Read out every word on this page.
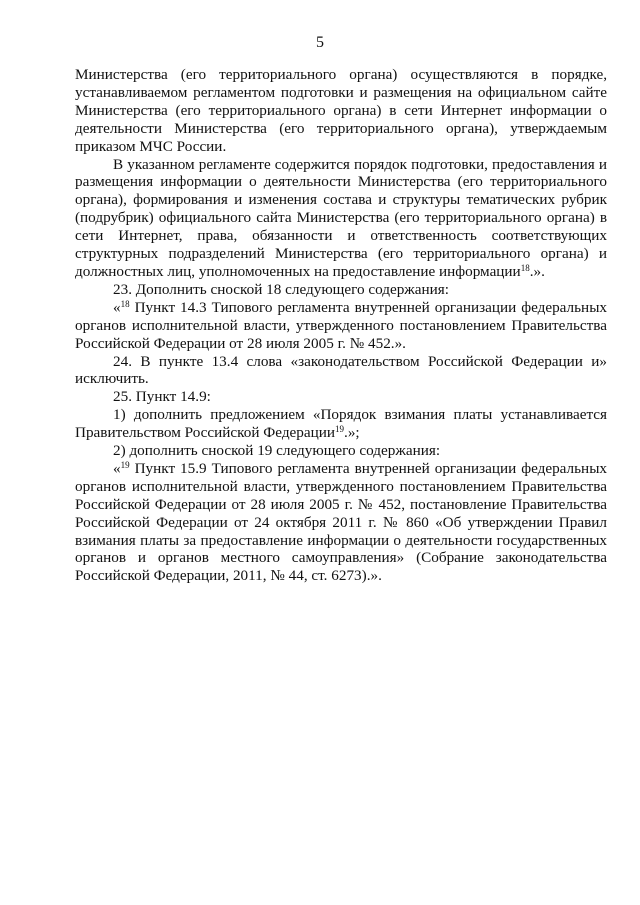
5

Министерства (его территориального органа) осуществляются в порядке, устанавливаемом регламентом подготовки и размещения на официальном сайте Министерства (его территориального органа) в сети Интернет информации о деятельности Министерства (его территориального органа), утверждаемым приказом МЧС России.

В указанном регламенте содержится порядок подготовки, предоставления и размещения информации о деятельности Министерства (его территориального органа), формирования и изменения состава и структуры тематических рубрик (подрубрик) официального сайта Министерства (его территориального органа) в сети Интернет, права, обязанности и ответственность соответствующих структурных подразделений Министерства (его территориального органа) и должностных лиц, уполномоченных на предоставление информации$^{18}$.».

23. Дополнить сноской 18 следующего содержания:

«$^{18}$ Пункт 14.3 Типового регламента внутренней организации федеральных органов исполнительной власти, утвержденного постановлением Правительства Российской Федерации от 28 июля 2005 г. № 452.».

24. В пункте 13.4 слова «законодательством Российской Федерации и» исключить.

25. Пункт 14.9:

1) дополнить предложением «Порядок взимания платы устанавливается Правительством Российской Федерации$^{19}$.»;

2) дополнить сноской 19 следующего содержания:

«$^{19}$ Пункт 15.9 Типового регламента внутренней организации федеральных органов исполнительной власти, утвержденного постановлением Правительства Российской Федерации от 28 июля 2005 г. № 452, постановление Правительства Российской Федерации от 24 октября 2011 г. № 860 «Об утверждении Правил взимания платы за предоставление информации о деятельности государственных органов и органов местного самоуправления» (Собрание законодательства Российской Федерации, 2011, № 44, ст. 6273).».
